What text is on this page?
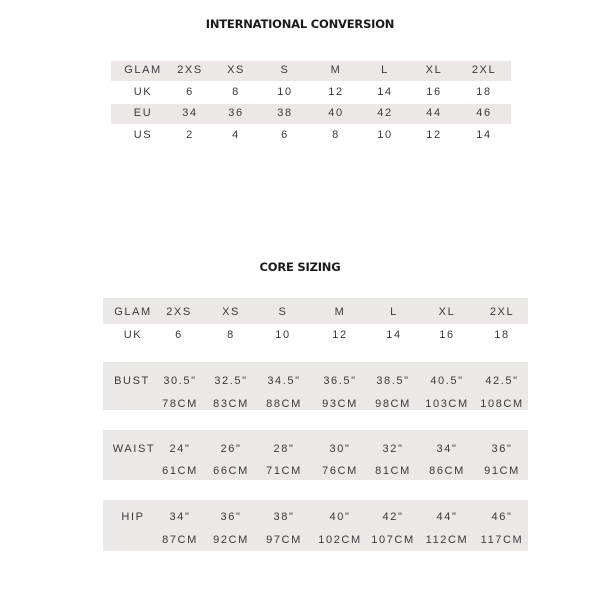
INTERNATIONAL CONVERSION
GLAM 2XS XS	S	M	L	XL	2XL
UK	6	8	10	12	14	16	18
EU	34	36	38	40	42	44	46
US	2	4	6	8	10	12	14
CORE SIZING
GLAM 2XS	XS	S	M	L	XL	2XL
UK	6	8	10	12	14	16	18
BUST 30.5" 32.5" 34.5" 36.5" 38.5" 40.5" 42.5"
78CM 83CM 88CM 93CM 98CM 103CM 108CM
WAIST 24"	26"	28"	30"	32"	34"	36"
61CM 66CM 71CM 76CM 81CM 86CM 91CM
HIP 34"	36"	38"	40"	42"	44"	46"
87CM 92CM 97CM 102CM 107CM 112CM 117CM
